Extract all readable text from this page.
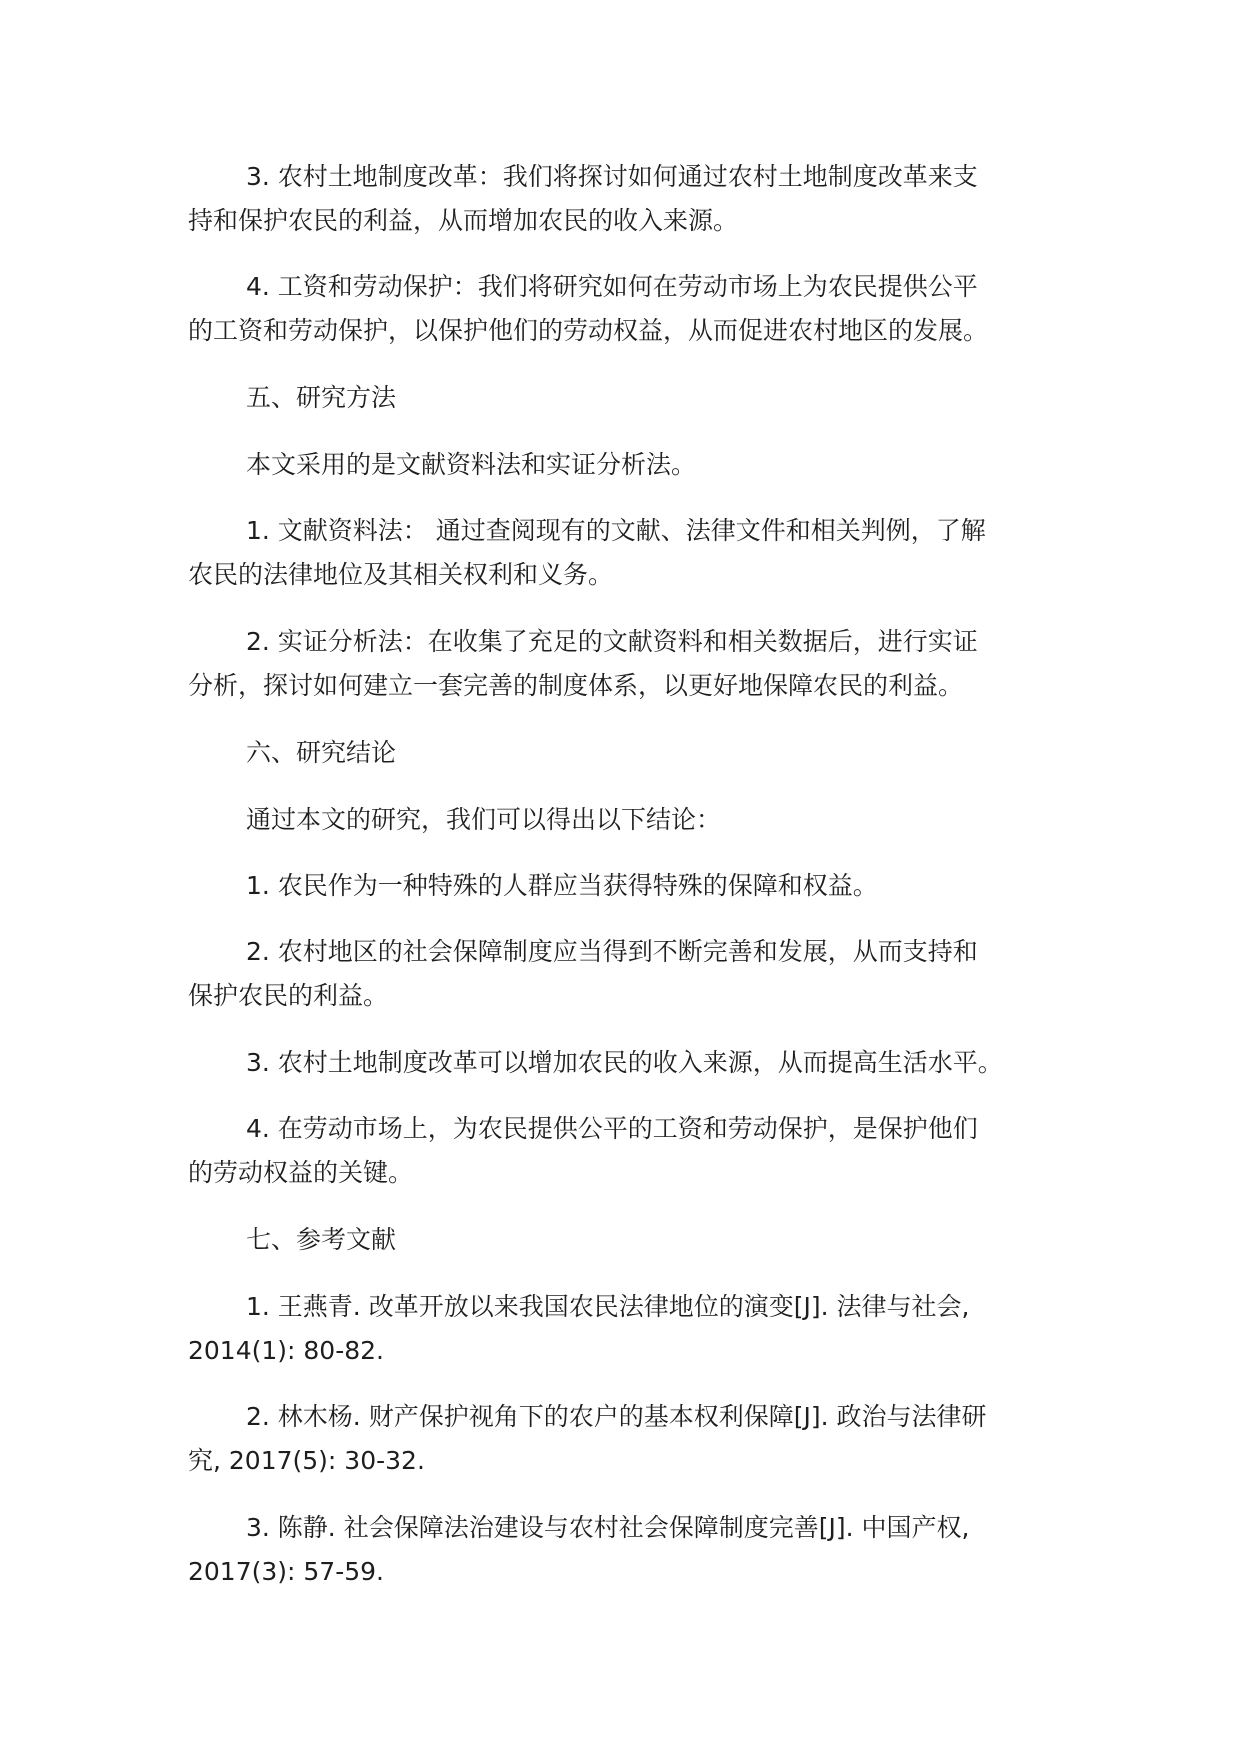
3. 农村土地制度改革：我们将探讨如何通过农村土地制度改革来支

持和保护农民的利益，从而增加农民的收入来源。

4. 工资和劳动保护：我们将研究如何在劳动市场上为农民提供公平

的工资和劳动保护，以保护他们的劳动权益，从而促进农村地区的发展。

五、研究方法

本文采用的是文献资料法和实证分析法。

1. 文献资料法： 通过查阅现有的文献、法律文件和相关判例，了解

农民的法律地位及其相关权利和义务。

2. 实证分析法：在收集了充足的文献资料和相关数据后，进行实证

分析，探讨如何建立一套完善的制度体系，以更好地保障农民的利益。

六、研究结论

通过本文的研究，我们可以得出以下结论：

1. 农民作为一种特殊的人群应当获得特殊的保障和权益。

2. 农村地区的社会保障制度应当得到不断完善和发展，从而支持和

保护农民的利益。

3. 农村土地制度改革可以增加农民的收入来源，从而提高生活水平。

4. 在劳动市场上，为农民提供公平的工资和劳动保护，是保护他们

的劳动权益的关键。

七、参考文献

1. 王燕青. 改革开放以来我国农民法律地位的演变[J]. 法律与社会,

2014(1): 80-82.

2. 林木杨. 财产保护视角下的农户的基本权利保障[J]. 政治与法律研

究, 2017(5): 30-32.

3. 陈静. 社会保障法治建设与农村社会保障制度完善[J]. 中国产权,

2017(3): 57-59.
